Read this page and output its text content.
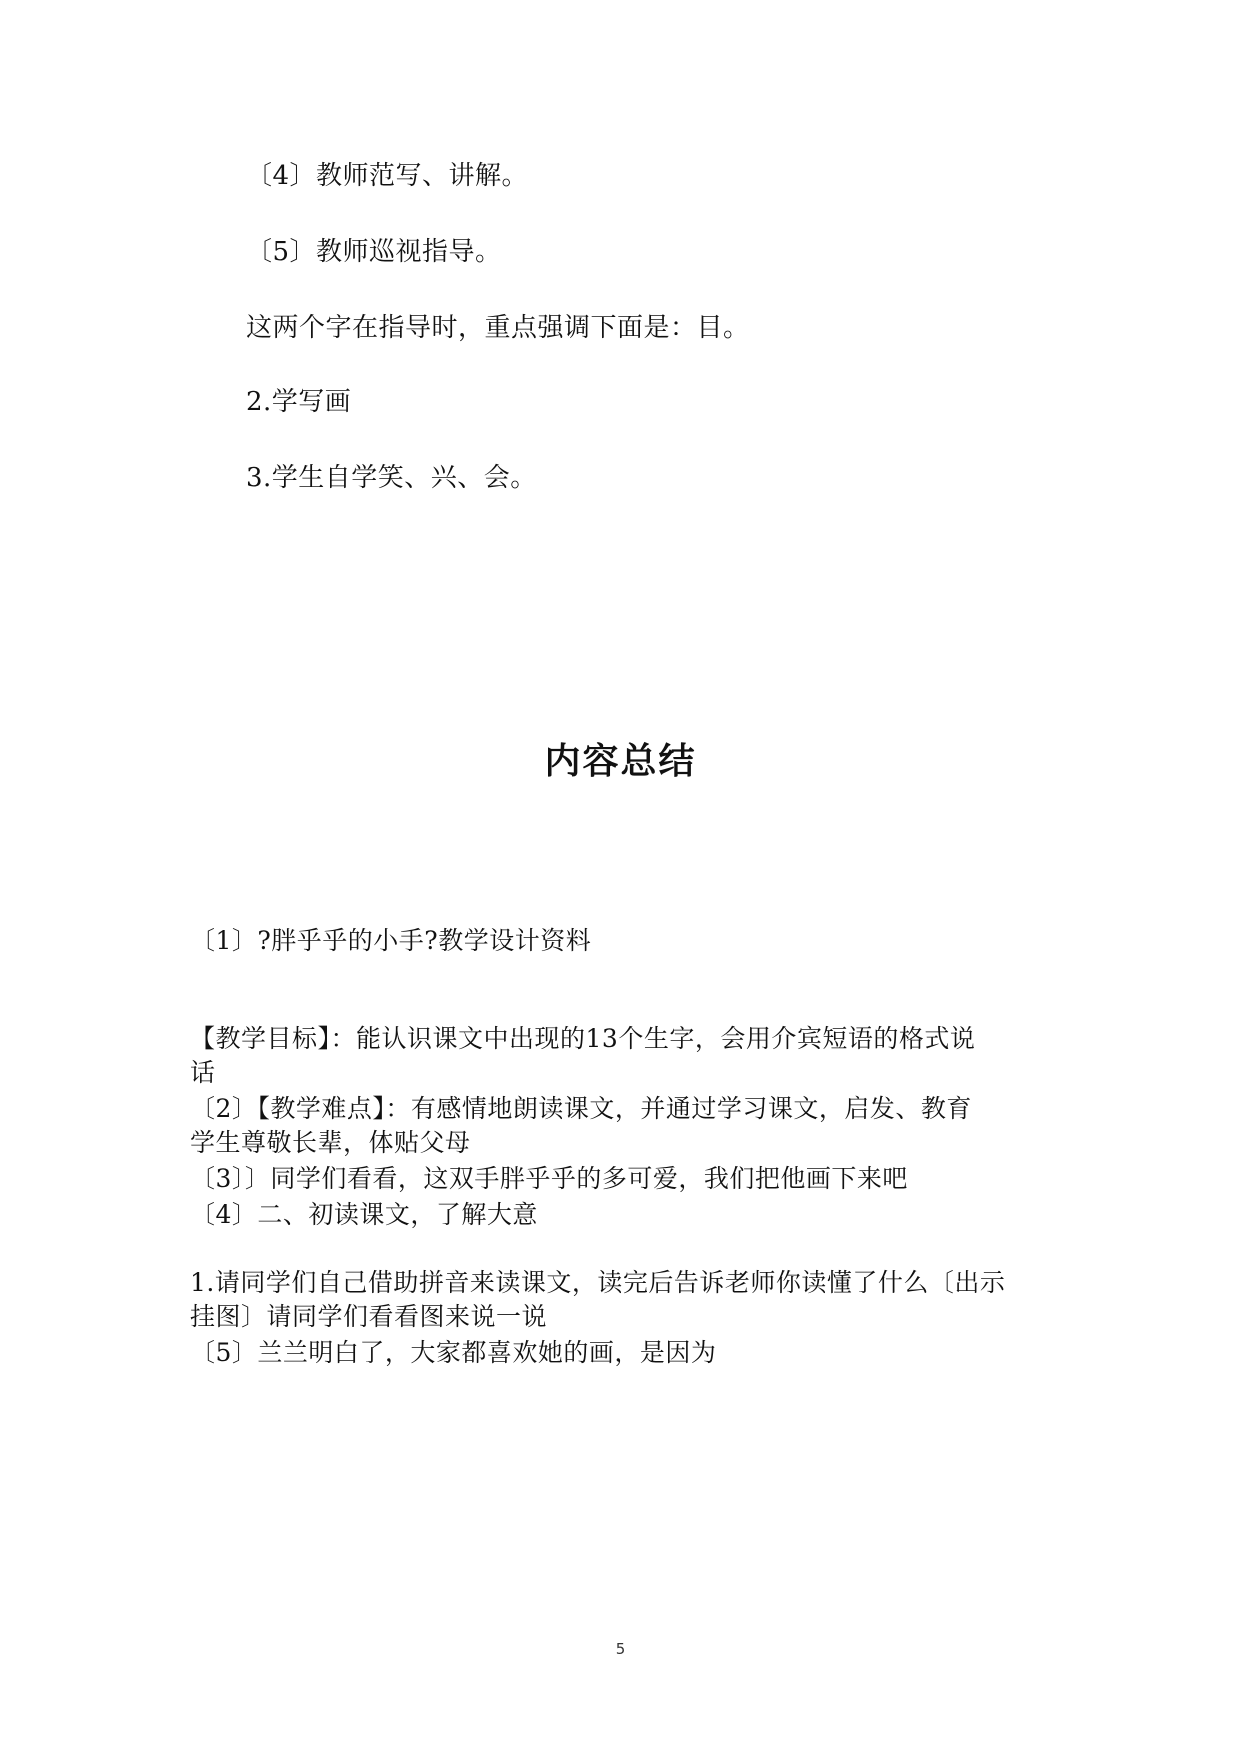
〔4〕教师范写、讲解。
〔5〕教师巡视指导。
这两个字在指导时，重点强调下面是：目。
2.学写画
3.学生自学笑、兴、会。
内容总结
〔1〕?胖乎乎的小手?教学设计资料
【教学目标】：能认识课文中出现的13个生字，会用介宾短语的格式说
话
〔2〕【教学难点】：有感情地朗读课文，并通过学习课文，启发、教育
学生尊敬长辈，体贴父母
〔3〕〕同学们看看，这双手胖乎乎的多可爱，我们把他画下来吧
〔4〕二、初读课文，了解大意
1.请同学们自己借助拼音来读课文，读完后告诉老师你读懂了什么〔出示
挂图〕请同学们看看图来说一说
〔5〕兰兰明白了，大家都喜欢她的画，是因为
5
